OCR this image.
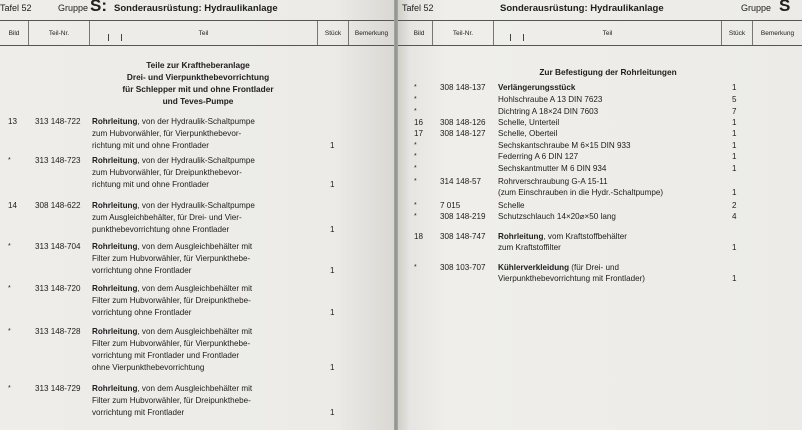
Tafel 52	Gruppe S: Sonderausrüstung: Hydraulikanlage
Bild	Teil-Nr.	Teil	Stück	Bemerkung
Teile zur Kraftheberanlage
Drei- und Vierpunkthebevorrichtung
für Schlepper mit und ohne Frontlader
und Teves-Pumpe
13 313 148-722 Rohrleitung, von der Hydraulik-Schaltpumpe
zum Hubvorwähler, für Vierpunkthebevor-
richtung mit und ohne Frontlader	1
*	313 148-723 Rohrleitung, von der Hydraulik-Schaltpumpe
zum Hubvorwähler, für Dreipunkthebevor-
richtung mit und ohne Frontlader	1
14 308 148-622 Rohrleitung, von der Hydraulik-Schaltpumpe
zum Ausgleichbehälter, für Drei- und Vier-
punkthebevorrichtung ohne Frontlader	1
*	313 148-704 Rohrleitung, von dem Ausgleichbehälter mit
Filter zum Hubvorwähler, für Vierpunkthebe-
vorrichtung ohne Frontlader	1
*	313 148-720 Rohrleitung, von dem Ausgleichbehälter mit
Filter zum Hubvorwähler, für Dreipunkthebe-
vorrichtung ohne Frontlader	1
*	313 148-728 Rohrleitung, von dem Ausgleichbehälter mit
Filter zum Hubvorwähler, für Vierpunkthebe-
vorrichtung mit Frontlader und Frontlader
ohne Vierpunkthebevorrichtung	1
*	313 148-729 Rohrleitung, von dem Ausgleichbehälter mit
Filter zum Hubvorwähler, für Dreipunkthebe-
vorrichtung mit Frontlader	1
Tafel 52	Sonderausrüstung: Hydraulikanlage	Gruppe S
Bild	Teil-Nr.	Teil	Stück	Bemerkung
Zur Befestigung der Rohrleitungen
*	308 148-137 Verlängerungsstück	1
*	Hohlschraube A 13 DIN 7623	5
*	Dichtring A 18×24 DIN 7603	7
16 308 148-126 Schelle, Unterteil	1
17 308 148-127 Schelle, Oberteil	1
*	Sechskantschraube M 6×15 DIN 933	1
*	Federring A 6 DIN 127	1
*	Sechskantmutter M 6 DIN 934	1
*	314 148-57 Rohrverschraubung G-A 15-11
(zum Einschrauben in die Hydr.-Schaltpumpe)	1
*	7 015	Schelle	2
*	308 148-219 Schutzschlauch 14×20⌀×50 lang	4
18 308 148-747 Rohrleitung, vom Kraftstoffbehälter
zum Kraftstoffilter	1
*	308 103-707 Kühlerverkleidung (für Drei- und
Vierpunkthebevorrichtung mit Frontlader)	1
